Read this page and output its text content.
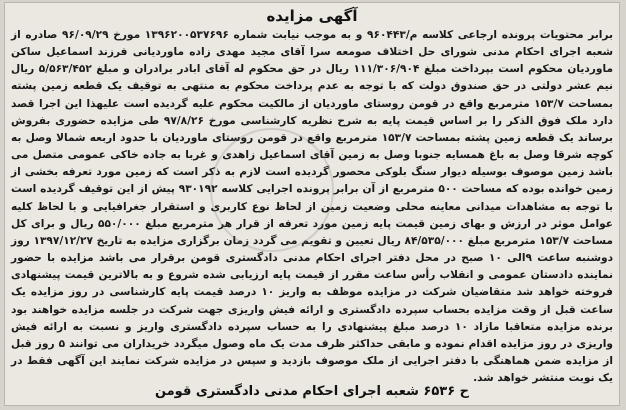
آگهی مزایده
برابر محتویات پرونده ارجاعی کلاسه م/۹۶۰۴۴۳ و به موجب نیابت شماره ۱۳۹۶۲۰۰۵۳۷۶۹۶ مورخ ۹۶/۰۹/۲۹ صادره از شعبه اجرای احکام مدنی شورای حل اختلاف صومعه سرا آقای مجید مهدی زاده ماوردیانی فرزند اسماعیل ساکن ماوردیان محکوم است بپرداخت مبلغ ۱۱۱/۳۰۶/۹۰۴ ریال در حق محکوم له آقای ابادر برادران و مبلغ ۵/۵۶۳/۴۵۲ ریال نیم عشر دولتی در حق صندوق دولت که با توجه به عدم پرداخت محکوم به منتهی به توقیف یک قطعه زمین پشته بمساحت ۱۵۳/۷ مترمربع واقع در قومن روستای ماوردیان از مالکیت محکوم علیه گردیده است علیهذا این اجرا قصد دارد ملک فوق الذکر را بر اساس قیمت پایه به شرح نظریه کارشناسی مورخ ۹۷/۸/۲۶ طی مزایده حضوری بفروش برساند یک قطعه زمین پشته بمساحت ۱۵۳/۷ مترمربع واقع در قومن روستای ماوردیان با حدود اربعه شمالا وصل به کوچه شرقا وصل به باغ همسایه جنوبا وصل به زمین آقای اسماعیل زاهدی و غربا به جاده خاکی عمومی متصل می باشد زمین موصوف بوسیله دیوار سنگ بلوکی محصور گردیده است لازم به ذکر است که زمین مورد تعرفه بخشی از زمین خوانده بوده که مساحت ۵۰۰ مترمربع از آن برابر پرونده اجرایی کلاسه ۹۳۰۱۹۲ پیش از این توقیف گردیده است با توجه به مشاهدات میدانی معاینه محلی وضعیت زمین از لحاظ نوع کاربری و استقرار جغرافیایی و با لحاظ کلیه عوامل موثر در ارزش و بهای زمین قیمت پایه زمین مورد تعرفه از قرار هر مترمربع مبلغ ۵۵۰/۰۰۰ ریال و برای کل مساحت ۱۵۳/۷ مترمربع مبلغ ۸۴/۵۳۵/۰۰۰ ریال تعیین و تقویم می گردد زمان برگزاری مزایده به تاریخ ۱۳۹۷/۱۲/۲۷ روز دوشنبه ساعت ۹الی ۱۰ صبح در محل دفتر اجرای احکام مدنی دادگستری قومن برقرار می باشد مزایده با حضور نماینده دادستان عمومی و انقلاب رأس ساعت مقرر از قیمت پایه ارزیابی شده شروع و به بالاترین قیمت پیشنهادی فروخته خواهد شد متقاضیان شرکت در مزایده موظف به واریز ۱۰ درصد قیمت پایه کارشناسی در روز مزایده یک ساعت قبل از وقت مزایده بحساب سپرده دادگستری و ارائه فیش واریزی جهت شرکت در جلسه مزایده خواهند بود برنده مزایده متعاقبا مازاد ۱۰ درصد مبلغ پیشنهادی را به حساب سپرده دادگستری واریز و نسبت به ارائه فیش واریزی در روز مزایده اقدام نموده و مابقی حداکثر ظرف مدت یک ماه وصول میگردد خریداران می توانند ۵ روز قبل از مزایده ضمن هماهنگی با دفتر اجرایی از ملک موصوف بازدید و سپس در مزایده شرکت نمایند این آگهی فقط در یک نوبت منتشر خواهد شد.
ح ۶۵۳۶ شعبه اجرای احکام مدنی دادگستری قومن
